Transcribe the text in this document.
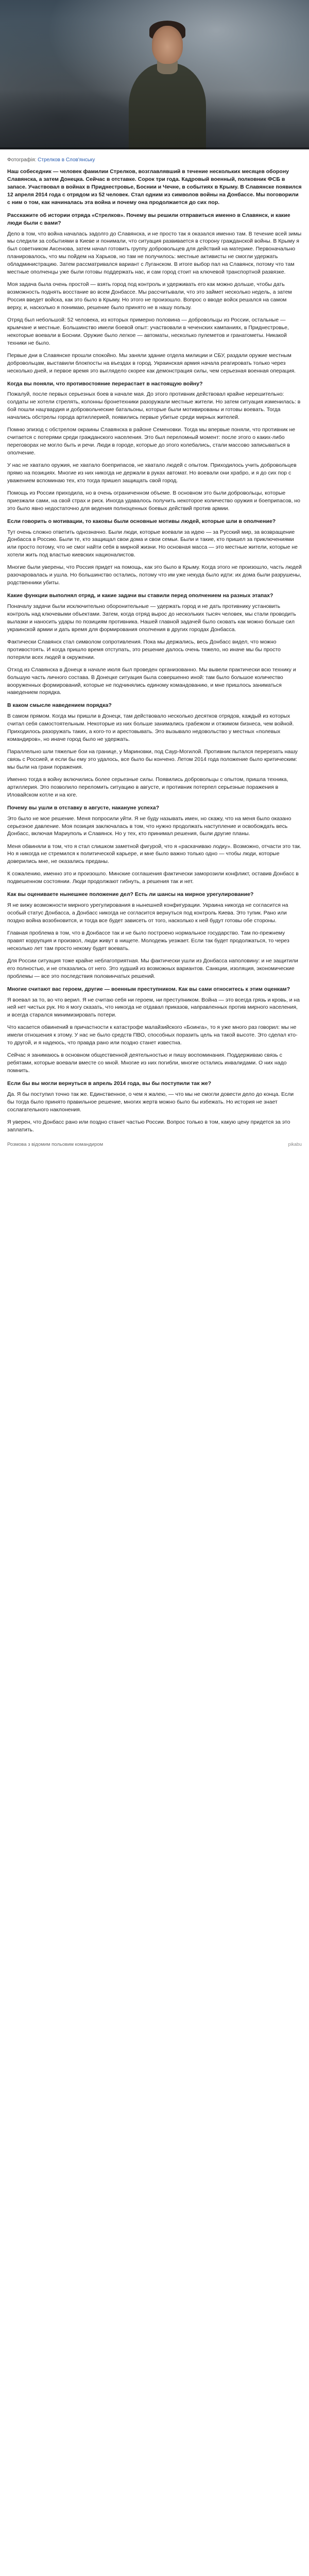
Фотографія: Стрелков в Слов'янську

Наш собеседник — человек фамилии Стрелков, возглавлявший в течение нескольких месяцев оборону Славянска, а затем Донецка. Сейчас в отставке. Сорок три года. Кадровый военный, полковник ФСБ в запасе. Участвовал в войнах в Приднестровье, Боснии и Чечне, в событиях в Крыму. В Славянске появился 12 апреля 2014 года с отрядом из 52 человек. Стал одним из символов войны на Донбассе. Мы поговорили с ним о том, как начиналась эта война и почему она продолжается до сих пор.

Расскажите об истории отряда «Стрелков». Почему вы решили отправиться именно в Славянск, и какие люди были с вами?

Дело в том, что война началась задолго до Славянска, и не просто так я оказался именно там. В течение всей зимы мы следили за событиями в Киеве и понимали, что ситуация развивается в сторону гражданской войны. В Крыму я был советником Аксенова, затем начал готовить группу добровольцев для действий на материке. Первоначально планировалось, что мы пойдем на Харьков, но там не получилось: местные активисты не смогли удержать обладминистрацию. Затем рассматривался вариант с Луганском. В итоге выбор пал на Славянск, потому что там местные ополченцы уже были готовы поддержать нас, и сам город стоит на ключевой транспортной развязке.

Моя задача была очень простой — взять город под контроль и удерживать его как можно дольше, чтобы дать возможность поднять восстание во всем Донбассе. Мы рассчитывали, что это займет несколько недель, а затем Россия введет войска, как это было в Крыму. Но этого не произошло. Вопрос о вводе войск решался на самом верху, и, насколько я понимаю, решение было принято не в нашу пользу.

Отряд был небольшой: 52 человека, из которых примерно половина — добровольцы из России, остальные — крымчане и местные. Большинство имели боевой опыт: участвовали в чеченских кампаниях, в Приднестровье, некоторые воевали в Боснии. Оружие было легкое — автоматы, несколько пулеметов и гранатометы. Никакой техники не было.

Первые дни в Славянске прошли спокойно. Мы заняли здание отдела милиции и СБУ, раздали оружие местным добровольцам, выставили блокпосты на въездах в город. Украинская армия начала реагировать только через несколько дней, и первое время это выглядело скорее как демонстрация силы, чем серьезная военная операция.

Когда вы поняли, что противостояние перерастает в настоящую войну?

Пожалуй, после первых серьезных боев в начале мая. До этого противник действовал крайне нерешительно: солдаты не хотели стрелять, колонны бронетехники разоружали местные жители. Но затем ситуация изменилась: в бой пошли нацгвардия и добровольческие батальоны, которые были мотивированы и готовы воевать. Тогда начались обстрелы города артиллерией, появились первые убитые среди мирных жителей.

Помню эпизод с обстрелом окраины Славянска в районе Семеновки. Тогда мы впервые поняли, что противник не считается с потерями среди гражданского населения. Это был переломный момент: после этого о каких-либо переговорах не могло быть и речи. Люди в городе, которые до этого колебались, стали массово записываться в ополчение.

У нас не хватало оружия, не хватало боеприпасов, не хватало людей с опытом. Приходилось учить добровольцев прямо на позициях. Многие из них никогда не держали в руках автомат. Но воевали они храбро, и я до сих пор с уважением вспоминаю тех, кто тогда пришел защищать свой город.

Помощь из России приходила, но в очень ограниченном объеме. В основном это были добровольцы, которые приезжали сами, на свой страх и риск. Иногда удавалось получить некоторое количество оружия и боеприпасов, но это было явно недостаточно для ведения полноценных боевых действий против армии.

Если говорить о мотивации, то каковы были основные мотивы людей, которые шли в ополчение?

Тут очень сложно ответить однозначно. Были люди, которые воевали за идею — за Русский мир, за возвращение Донбасса в Россию. Были те, кто защищал свои дома и свои семьи. Были и такие, кто пришел за приключениями или просто потому, что не смог найти себя в мирной жизни. Но основная масса — это местные жители, которые не хотели жить под властью киевских националистов.

Многие были уверены, что Россия придет на помощь, как это было в Крыму. Когда этого не произошло, часть людей разочаровалась и ушла. Но большинство остались, потому что им уже некуда было идти: их дома были разрушены, родственники убиты.

Какие функции выполнял отряд, и какие задачи вы ставили перед ополчением на разных этапах?

Поначалу задачи были исключительно оборонительные — удержать город и не дать противнику установить контроль над ключевыми объектами. Затем, когда отряд вырос до нескольких тысяч человек, мы стали проводить вылазки и наносить удары по позициям противника. Нашей главной задачей было сковать как можно больше сил украинской армии и дать время для формирования ополчения в других городах Донбасса.

Фактически Славянск стал символом сопротивления. Пока мы держались, весь Донбасс видел, что можно противостоять. И когда пришло время отступать, это решение далось очень тяжело, но иначе мы бы просто потеряли всех людей в окружении.

Отход из Славянска в Донецк в начале июля был проведен организованно. Мы вывели практически всю технику и большую часть личного состава. В Донецке ситуация была совершенно иной: там было большое количество вооруженных формирований, которые не подчинялись единому командованию, и мне пришлось заниматься наведением порядка.

В каком смысле наведением порядка?

В самом прямом. Когда мы пришли в Донецк, там действовало несколько десятков отрядов, каждый из которых считал себя самостоятельным. Некоторые из них больше занимались грабежом и отжимом бизнеса, чем войной. Приходилось разоружать таких, а кого-то и арестовывать. Это вызывало недовольство у местных «полевых командиров», но иначе город было не удержать.

Параллельно шли тяжелые бои на границе, у Мариновки, под Саур-Могилой. Противник пытался перерезать нашу связь с Россией, и если бы ему это удалось, все было бы кончено. Летом 2014 года положение было критическим: мы были на грани поражения.

Именно тогда в войну включились более серьезные силы. Появились добровольцы с опытом, пришла техника, артиллерия. Это позволило переломить ситуацию в августе, и противник потерпел серьезные поражения в Иловайском котле и на юге.

Почему вы ушли в отставку в августе, накануне успеха?

Это было не мое решение. Меня попросили уйти. Я не буду называть имен, но скажу, что на меня было оказано серьезное давление. Моя позиция заключалась в том, что нужно продолжать наступление и освобождать весь Донбасс, включая Мариуполь и Славянск. Но у тех, кто принимал решения, были другие планы.

Меня обвиняли в том, что я стал слишком заметной фигурой, что я «раскачиваю лодку». Возможно, отчасти это так. Но я никогда не стремился к политической карьере, и мне было важно только одно — чтобы люди, которые доверились мне, не оказались преданы.

К сожалению, именно это и произошло. Минские соглашения фактически заморозили конфликт, оставив Донбасс в подвешенном состоянии. Люди продолжают гибнуть, а решения так и нет.

Как вы оцениваете нынешнее положение дел? Есть ли шансы на мирное урегулирование?

Я не вижу возможности мирного урегулирования в нынешней конфигурации. Украина никогда не согласится на особый статус Донбасса, а Донбасс никогда не согласится вернуться под контроль Киева. Это тупик. Рано или поздно война возобновится, и тогда все будет зависеть от того, насколько к ней будут готовы обе стороны.

Главная проблема в том, что в Донбассе так и не было построено нормальное государство. Там по-прежнему правят коррупция и произвол, люди живут в нищете. Молодежь уезжает. Если так будет продолжаться, то через несколько лет там просто некому будет воевать.

Для России ситуация тоже крайне неблагоприятная. Мы фактически ушли из Донбасса наполовину: и не защитили его полностью, и не отказались от него. Это худший из возможных вариантов. Санкции, изоляция, экономические проблемы — все это последствия половинчатых решений.

Многие считают вас героем, другие — военным преступником. Как вы сами относитесь к этим оценкам?

Я воевал за то, во что верил. Я не считаю себя ни героем, ни преступником. Война — это всегда грязь и кровь, и на ней нет чистых рук. Но я могу сказать, что никогда не отдавал приказов, направленных против мирного населения, и всегда старался минимизировать потери.

Что касается обвинений в причастности к катастрофе малайзийского «Боинга», то я уже много раз говорил: мы не имели отношения к этому. У нас не было средств ПВО, способных поразить цель на такой высоте. Это сделал кто-то другой, и я надеюсь, что правда рано или поздно станет известна.

Сейчас я занимаюсь в основном общественной деятельностью и пишу воспоминания. Поддерживаю связь с ребятами, которые воевали вместе со мной. Многие из них погибли, многие остались инвалидами. О них надо помнить.

Если бы вы могли вернуться в апрель 2014 года, вы бы поступили так же?

Да. Я бы поступил точно так же. Единственное, о чем я жалею, — что мы не смогли довести дело до конца. Если бы тогда было принято правильное решение, многих жертв можно было бы избежать. Но история не знает сослагательного наклонения.

Я уверен, что Донбасс рано или поздно станет частью России. Вопрос только в том, какую цену придется за это заплатить.

Розмова з відомим польовим командиром	pikabu
